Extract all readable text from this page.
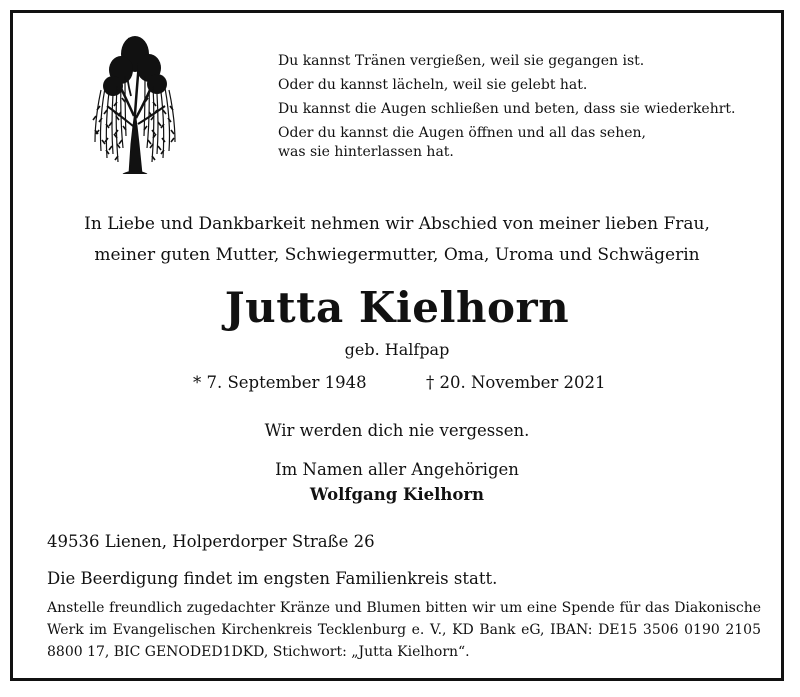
Du kannst Tränen vergießen, weil sie gegangen ist.
Oder du kannst lächeln, weil sie gelebt hat.
Du kannst die Augen schließen und beten, dass sie wiederkehrt.
Oder du kannst die Augen öffnen und all das sehen,
was sie hinterlassen hat.
In Liebe und Dankbarkeit nehmen wir Abschied von meiner lieben Frau,
meiner guten Mutter, Schwiegermutter, Oma, Uroma und Schwägerin
Jutta Kielhorn
geb. Halfpap
* 7. September 1948	† 20. November 2021
Wir werden dich nie vergessen.
Im Namen aller Angehörigen
Wolfgang Kielhorn
49536 Lienen, Holperdorper Straße 26
Die Beerdigung findet im engsten Familienkreis statt.
Anstelle freundlich zugedachter Kränze und Blumen bitten wir um eine Spende für das Diakonische Werk im Evangelischen Kirchenkreis Tecklenburg e. V., KD Bank eG, IBAN: DE15 3506 0190 2105 8800 17, BIC GENODED1DKD, Stichwort: „Jutta Kielhorn“.
